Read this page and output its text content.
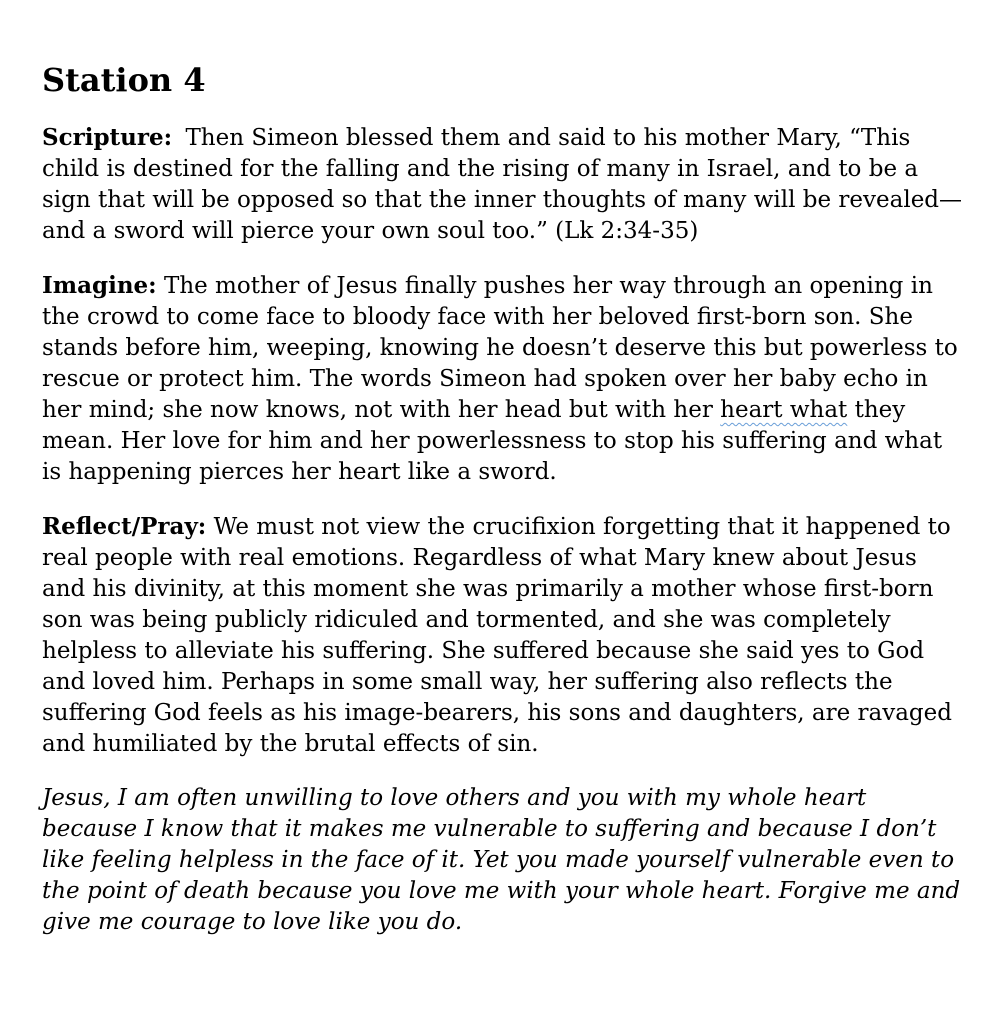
Station 4

Scripture: Then Simeon blessed them and said to his mother Mary, “This child is destined for the falling and the rising of many in Israel, and to be a sign that will be opposed so that the inner thoughts of many will be revealed—and a sword will pierce your own soul too.” (Lk 2:34-35)

Imagine: The mother of Jesus finally pushes her way through an opening in the crowd to come face to bloody face with her beloved first-born son. She stands before him, weeping, knowing he doesn’t deserve this but powerless to rescue or protect him. The words Simeon had spoken over her baby echo in her mind; she now knows, not with her head but with her heart what they mean. Her love for him and her powerlessness to stop his suffering and what is happening pierces her heart like a sword.

Reflect/Pray: We must not view the crucifixion forgetting that it happened to real people with real emotions. Regardless of what Mary knew about Jesus and his divinity, at this moment she was primarily a mother whose first-born son was being publicly ridiculed and tormented, and she was completely helpless to alleviate his suffering. She suffered because she said yes to God and loved him. Perhaps in some small way, her suffering also reflects the suffering God feels as his image-bearers, his sons and daughters, are ravaged and humiliated by the brutal effects of sin.

Jesus, I am often unwilling to love others and you with my whole heart because I know that it makes me vulnerable to suffering and because I don’t like feeling helpless in the face of it. Yet you made yourself vulnerable even to the point of death because you love me with your whole heart. Forgive me and give me courage to love like you do.
